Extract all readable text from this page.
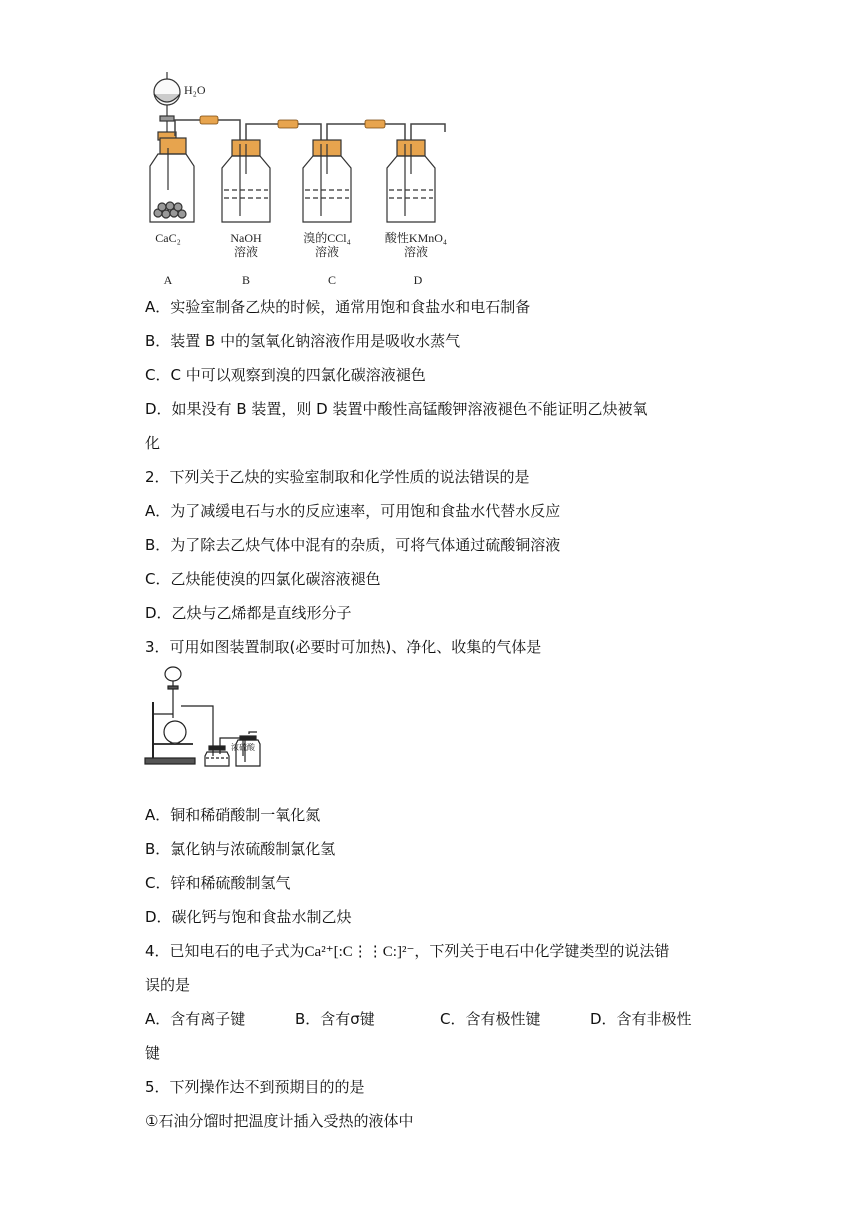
H₂O
CaC₂
A
NaOH
溶液
B
溴的CCl₄
溶液
C
酸性KMnO₄
溶液
D
A．实验室制备乙炔的时候，通常用饱和食盐水和电石制备
B．装置 B 中的氢氧化钠溶液作用是吸收水蒸气
C．C 中可以观察到溴的四氯化碳溶液褪色
D．如果没有 B 装置，则 D 装置中酸性高锰酸钾溶液褪色不能证明乙炔被氧
化
2．下列关于乙炔的实验室制取和化学性质的说法错误的是
A．为了减缓电石与水的反应速率，可用饱和食盐水代替水反应
B．为了除去乙炔气体中混有的杂质，可将气体通过硫酸铜溶液
C．乙炔能使溴的四氯化碳溶液褪色
D．乙炔与乙烯都是直线形分子
3．可用如图装置制取(必要时可加热)、净化、收集的气体是
浓硫酸
A．铜和稀硝酸制一氧化氮
B．氯化钠与浓硫酸制氯化氢
C．锌和稀硫酸制氢气
D．碳化钙与饱和食盐水制乙炔
4．已知电石的电子式为Ca²⁺[:C⋮⋮C:]²⁻，下列关于电石中化学键类型的说法错
误的是
A．含有离子键	B．含有σ键	C．含有极性键	D．含有非极性
键
5．下列操作达不到预期目的的是
①石油分馏时把温度计插入受热的液体中
